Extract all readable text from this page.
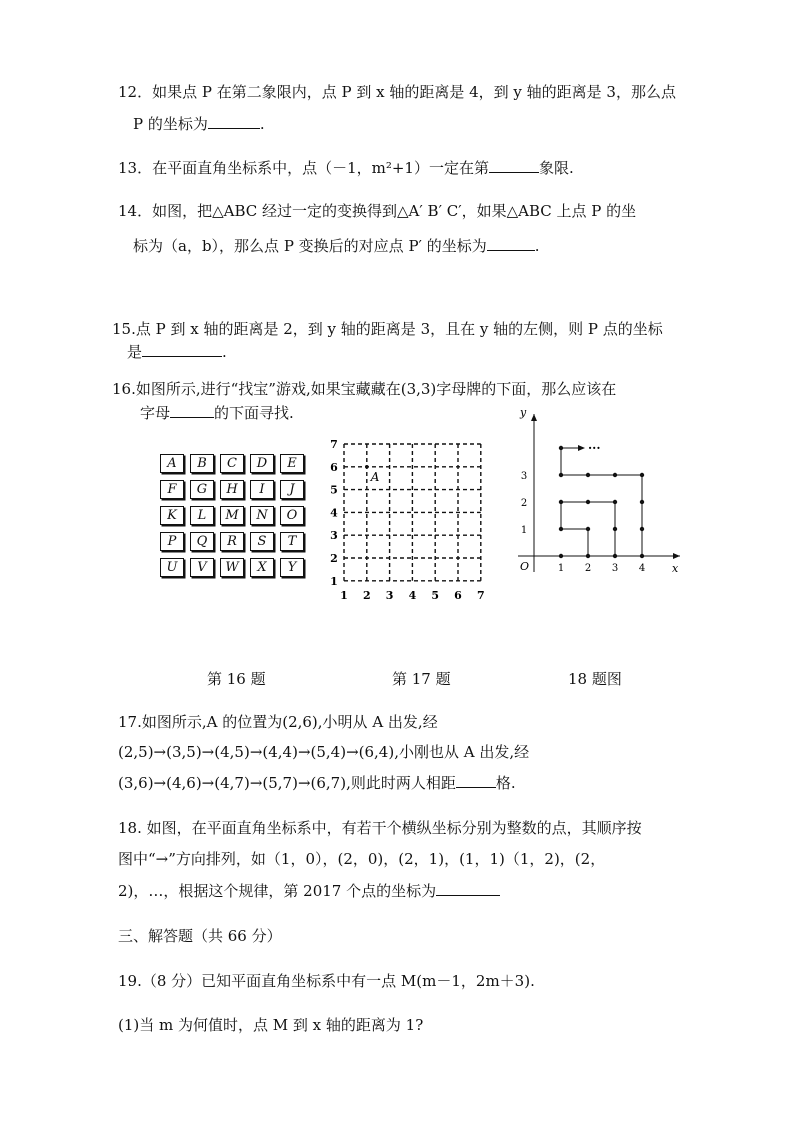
12．如果点 P 在第二象限内，点 P 到 x 轴的距离是 4，到 y 轴的距离是 3，那么点
P 的坐标为	.
13．在平面直角坐标系中，点（－1，m²+1）一定在第	象限.
14．如图，把△ABC 经过一定的变换得到△A′ B′ C′，如果△ABC 上点 P 的坐
标为（a，b），那么点 P 变换后的对应点 P′ 的坐标为	.
15.点 P 到 x 轴的距离是 2，到 y 轴的距离是 3，且在 y 轴的左侧，则 P 点的坐标
是	.
16.如图所示,进行“找宝”游戏,如果宝藏藏在(3,3)字母牌的下面，那么应该在
字母	的下面寻找.
A	B	C	D	E
F	G	H	I	J
K	L	M	N	O
P	Q	R	S	T
U	V	W	X	Y
7
6
5
4
3
2
1
1 2 3 4 5 6 7
A
y
x
O	1 2 3 4
1
2
3
···
第 16 题	第 17 题	18 题图
17.如图所示,A 的位置为(2,6),小明从 A 出发,经
(2,5)→(3,5)→(4,5)→(4,4)→(5,4)→(6,4),小刚也从 A 出发,经
(3,6)→(4,6)→(4,7)→(5,7)→(6,7),则此时两人相距	格.
18. 如图，在平面直角坐标系中，有若干个横纵坐标分别为整数的点，其顺序按
图中“→”方向排列，如（1，0），(2，0)，(2，1)，(1，1)（1，2)，(2，
2)，…，根据这个规律，第 2017 个点的坐标为
三、解答题（共 66 分）
19.（8 分）已知平面直角坐标系中有一点 M(m－1，2m＋3).
(1)当 m 为何值时，点 M 到 x 轴的距离为 1?
